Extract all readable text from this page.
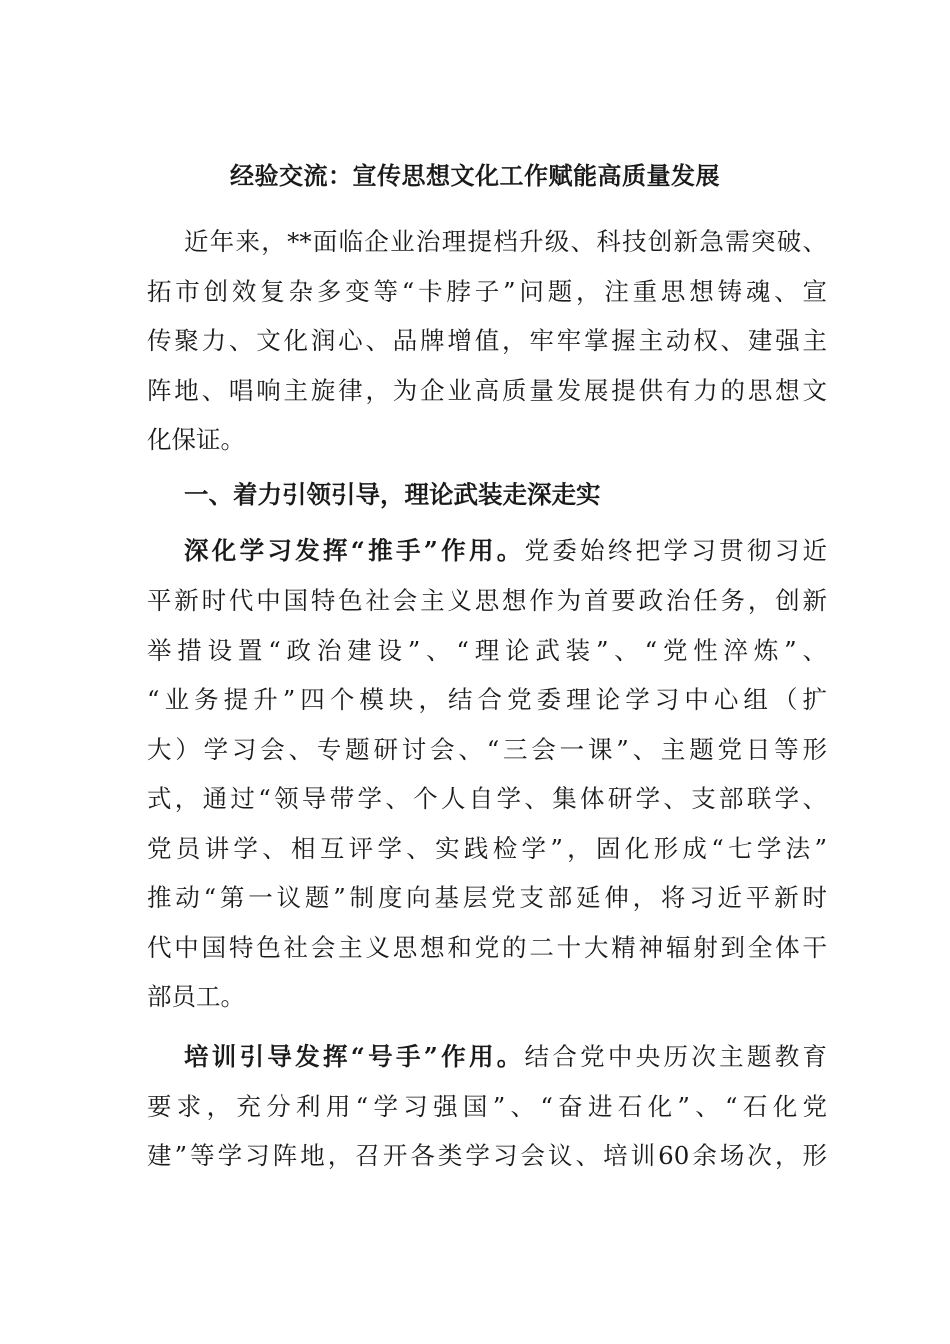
经验交流：宣传思想文化工作赋能高质量发展
近年来，**面临企业治理提档升级、科技创新急需突破、
拓市创效复杂多变等“卡脖子”问题，注重思想铸魂、宣
传聚力、文化润心、品牌增值，牢牢掌握主动权、建强主
阵地、唱响主旋律，为企业高质量发展提供有力的思想文
化保证。
一、着力引领引导，理论武装走深走实
深化学习发挥“推手”作用。党委始终把学习贯彻习近
平新时代中国特色社会主义思想作为首要政治任务，创新
举措设置“政治建设”、“理论武装”、“党性淬炼”、
“业务提升”四个模块，结合党委理论学习中心组（扩
大）学习会、专题研讨会、“三会一课”、主题党日等形
式，通过“领导带学、个人自学、集体研学、支部联学、
党员讲学、相互评学、实践检学”，固化形成“七学法”
推动“第一议题”制度向基层党支部延伸，将习近平新时
代中国特色社会主义思想和党的二十大精神辐射到全体干
部员工。
培训引导发挥“号手”作用。结合党中央历次主题教育
要求，充分利用“学习强国”、“奋进石化”、“石化党
建”等学习阵地，召开各类学习会议、培训60余场次，形
